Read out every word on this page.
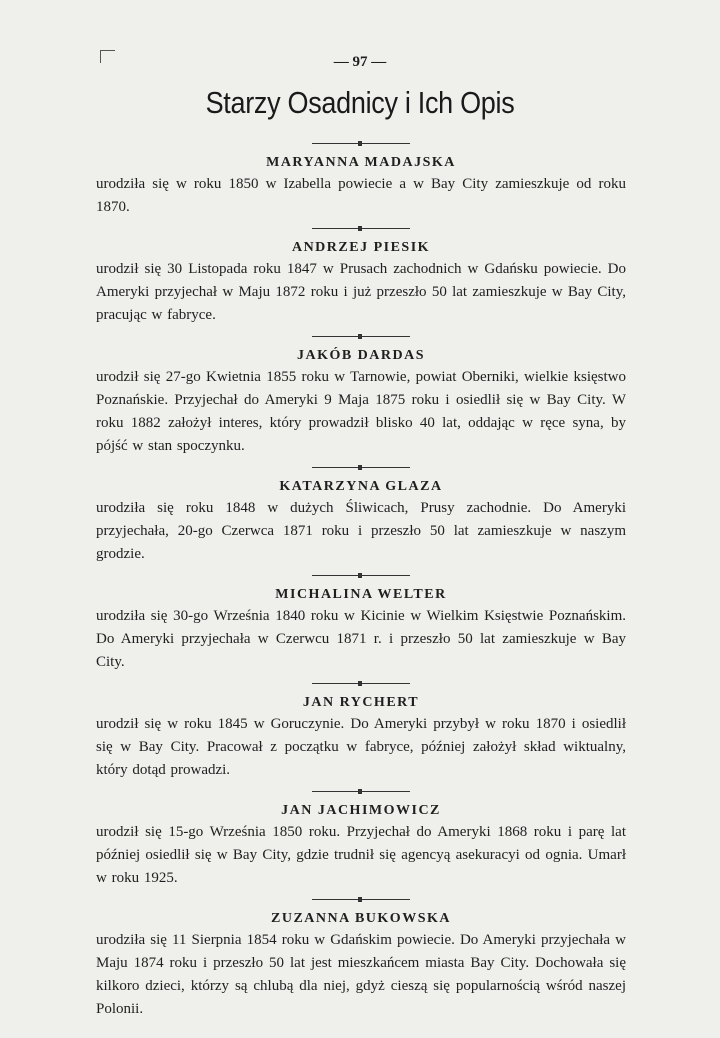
— 97 —
Starzy Osadnicy i Ich Opis
MARYANNA MADAJSKA
urodziła się w roku 1850 w Izabella powiecie a w Bay City zamieszkuje od roku 1870.
ANDRZEJ PIESIK
urodził się 30 Listopada roku 1847 w Prusach zachodnich w Gdańsku powiecie. Do Ameryki przyjechał w Maju 1872 roku i już przeszło 50 lat zamieszkuje w Bay City, pracując w fabryce.
JAKÓB DARDAS
urodził się 27-go Kwietnia 1855 roku w Tarnowie, powiat Oberniki, wielkie księstwo Poznańskie. Przyjechał do Ameryki 9 Maja 1875 roku i osiedlił się w Bay City. W roku 1882 założył interes, który prowadził blisko 40 lat, oddając w ręce syna, by pójść w stan spoczynku.
KATARZYNA GLAZA
urodziła się roku 1848 w dużych Śliwicach, Prusy zachodnie. Do Ameryki przyjechała, 20-go Czerwca 1871 roku i przeszło 50 lat zamieszkuje w naszym grodzie.
MICHALINA WELTER
urodziła się 30-go Września 1840 roku w Kicinie w Wielkim Księstwie Poznańskim. Do Ameryki przyjechała w Czerwcu 1871 r. i przeszło 50 lat zamieszkuje w Bay City.
JAN RYCHERT
urodził się w roku 1845 w Goruczynie. Do Ameryki przybył w roku 1870 i osiedlił się w Bay City. Pracował z początku w fabryce, później założył skład wiktualny, który dotąd prowadzi.
JAN JACHIMOWICZ
urodził się 15-go Września 1850 roku. Przyjechał do Ameryki 1868 roku i parę lat później osiedlił się w Bay City, gdzie trudnił się agencyą asekuracyi od ognia. Umarł w roku 1925.
ZUZANNA BUKOWSKA
urodziła się 11 Sierpnia 1854 roku w Gdańskim powiecie. Do Ameryki przyjechała w Maju 1874 roku i przeszło 50 lat jest mieszkańcem miasta Bay City. Dochowała się kilkoro dzieci, którzy są chlubą dla niej, gdyż cieszą się popularnością wśród naszej Polonii.
